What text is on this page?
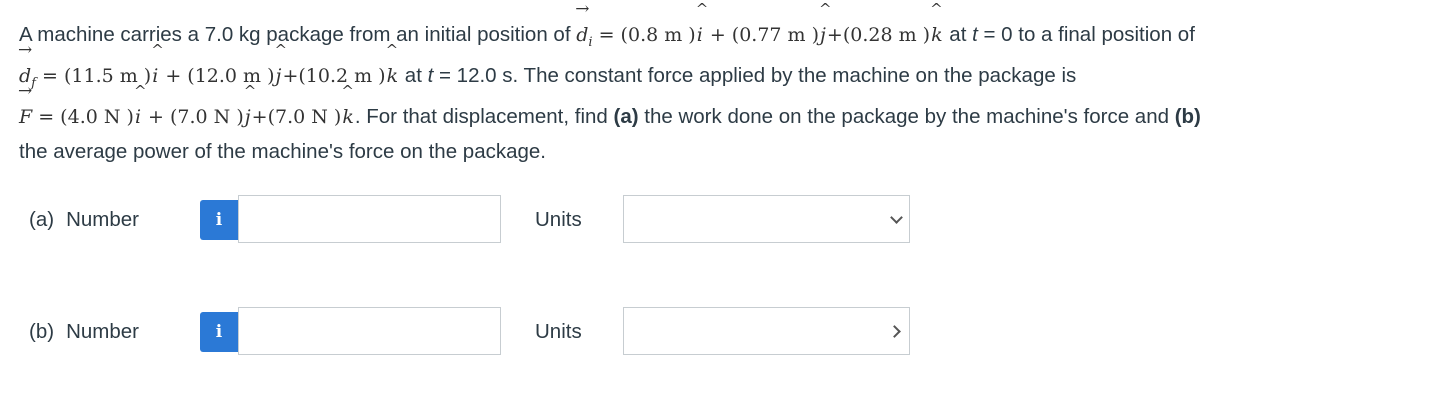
A machine carries a 7.0 kg package from an initial position of → $d_i = (0.8$ m )^ i + (0.77 m )^ j+(0.28 m )^ k at t = 0 to a final position of
→ $d_f = (11.5$ m )^ i + (12.0 m )^ j+(10.2 m )^ k at t = 12.0 s. The constant force applied by the machine on the package is
→ F = (4.0 N )^ i + (7.0 N )^ j+(7.0 N )^ k. For that displacement, find (a) the work done on the package by the machine's force and (b)
the average power of the machine's force on the package.
(a) Number	i	Units
(b) Number	i	Units
